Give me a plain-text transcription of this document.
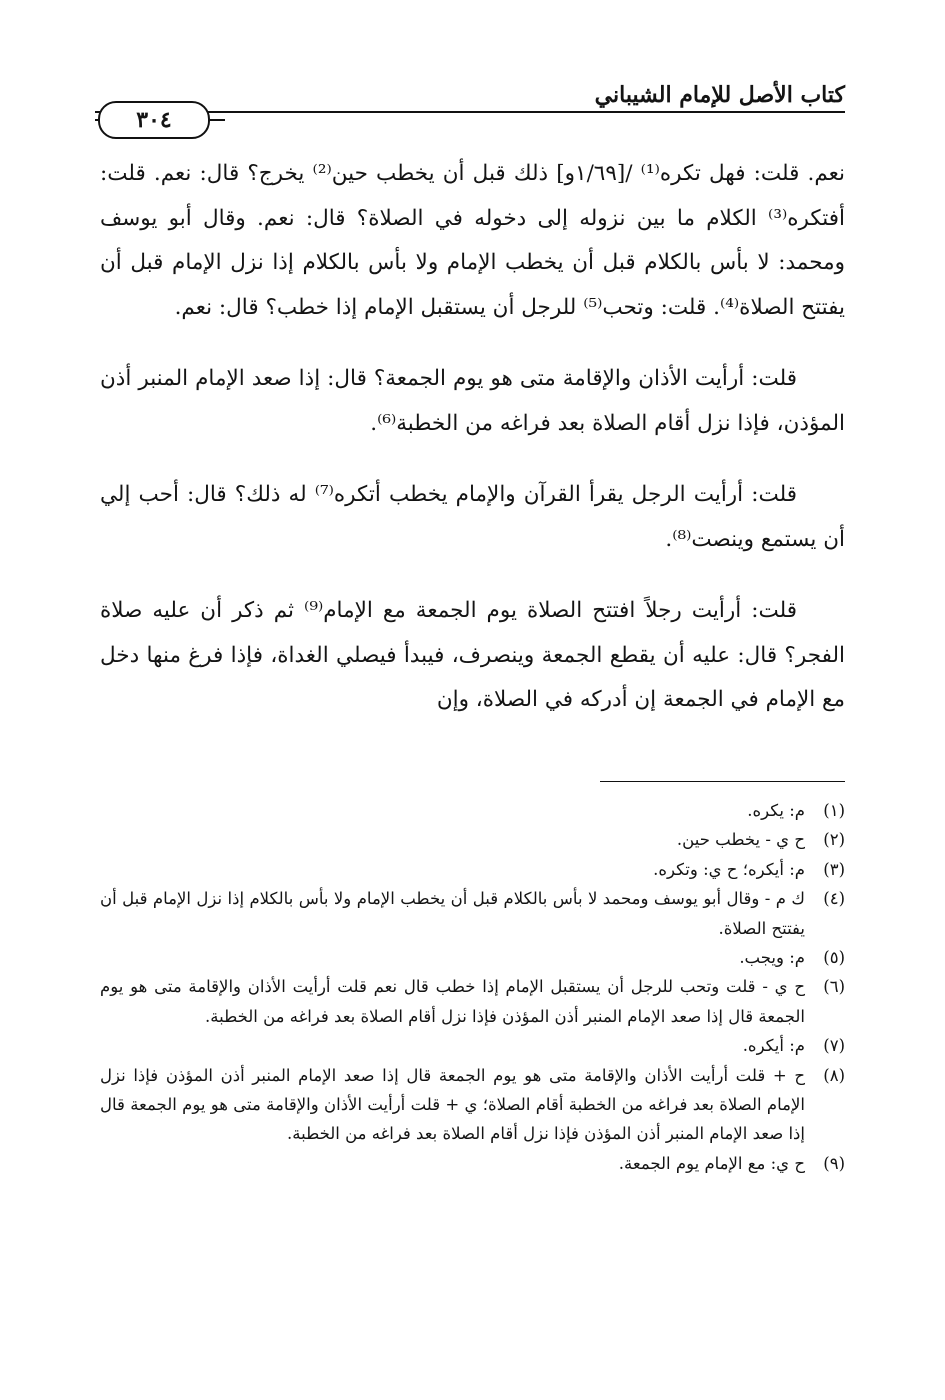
كتاب الأصل للإمام الشيباني
٣٠٤

نعم. قلت: فهل تكره⁽¹⁾ /[١/٦٩و] ذلك قبل أن يخطب حين⁽²⁾ يخرج؟ قال: نعم. قلت: أفتكره⁽³⁾ الكلام ما بين نزوله إلى دخوله في الصلاة؟ قال: نعم. وقال أبو يوسف ومحمد: لا بأس بالكلام قبل أن يخطب الإمام ولا بأس بالكلام إذا نزل الإمام قبل أن يفتتح الصلاة⁽⁴⁾. قلت: وتحب⁽⁵⁾ للرجل أن يستقبل الإمام إذا خطب؟ قال: نعم.

قلت: أرأيت الأذان والإقامة متى هو يوم الجمعة؟ قال: إذا صعد الإمام المنبر أذن المؤذن، فإذا نزل أقام الصلاة بعد فراغه من الخطبة⁽⁶⁾.

قلت: أرأيت الرجل يقرأ القرآن والإمام يخطب أتكره⁽⁷⁾ له ذلك؟ قال: أحب إلي أن يستمع وينصت⁽⁸⁾.

قلت: أرأيت رجلاً افتتح الصلاة يوم الجمعة مع الإمام⁽⁹⁾ ثم ذكر أن عليه صلاة الفجر؟ قال: عليه أن يقطع الجمعة وينصرف، فيبدأ فيصلي الغداة، فإذا فرغ منها دخل مع الإمام في الجمعة إن أدركه في الصلاة، وإن

(١)
م: يكره.
(٢)
ح ي - يخطب حين.
(٣)
م: أيكره؛ ح ي: وتكره.
(٤)
ك م - وقال أبو يوسف ومحمد لا بأس بالكلام قبل أن يخطب الإمام ولا بأس بالكلام إذا نزل الإمام قبل أن يفتتح الصلاة.
(٥)
م: ويجب.
(٦)
ح ي - قلت وتحب للرجل أن يستقبل الإمام إذا خطب قال نعم قلت أرأيت الأذان والإقامة متى هو يوم الجمعة قال إذا صعد الإمام المنبر أذن المؤذن فإذا نزل أقام الصلاة بعد فراغه من الخطبة.
(٧)
م: أيكره.
(٨)
ح + قلت أرأيت الأذان والإقامة متى هو يوم الجمعة قال إذا صعد الإمام المنبر أذن المؤذن فإذا نزل الإمام الصلاة بعد فراغه من الخطبة أقام الصلاة؛ ي + قلت أرأيت الأذان والإقامة متى هو يوم الجمعة قال إذا صعد الإمام المنبر أذن المؤذن فإذا نزل أقام الصلاة بعد فراغه من الخطبة.
(٩)
ح ي: مع الإمام يوم الجمعة.
